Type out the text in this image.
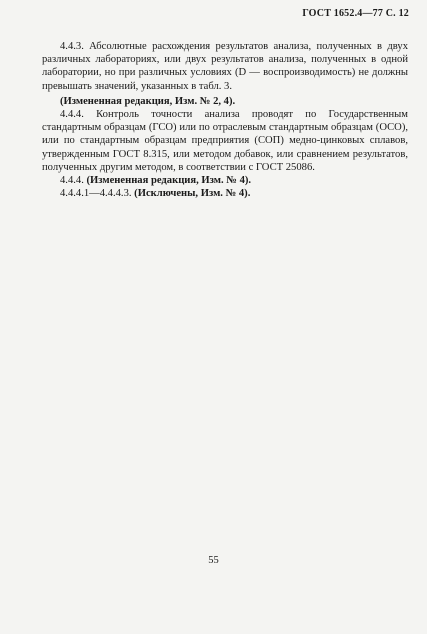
ГОСТ 1652.4—77 С. 12

4.4.3. Абсолютные расхождения результатов анализа, полученных в двух различных лабораториях, или двух результатов анализа, полученных в одной лаборатории, но при различных условиях (D — воспроизводимость) не должны превышать значений, указанных в табл. 3.

(Измененная редакция, Изм. № 2, 4).

4.4.4. Контроль точности анализа проводят по Государственным стандартным образцам (ГСО) или по отраслевым стандартным образцам (ОСО), или по стандартным образцам предприятия (СОП) медно-цинковых сплавов, утвержденным ГОСТ 8.315, или методом добавок, или сравнением результатов, полученных другим методом, в соответствии с ГОСТ 25086.

4.4.4. (Измененная редакция, Изм. № 4).

4.4.4.1—4.4.4.3. (Исключены, Изм. № 4).

55
